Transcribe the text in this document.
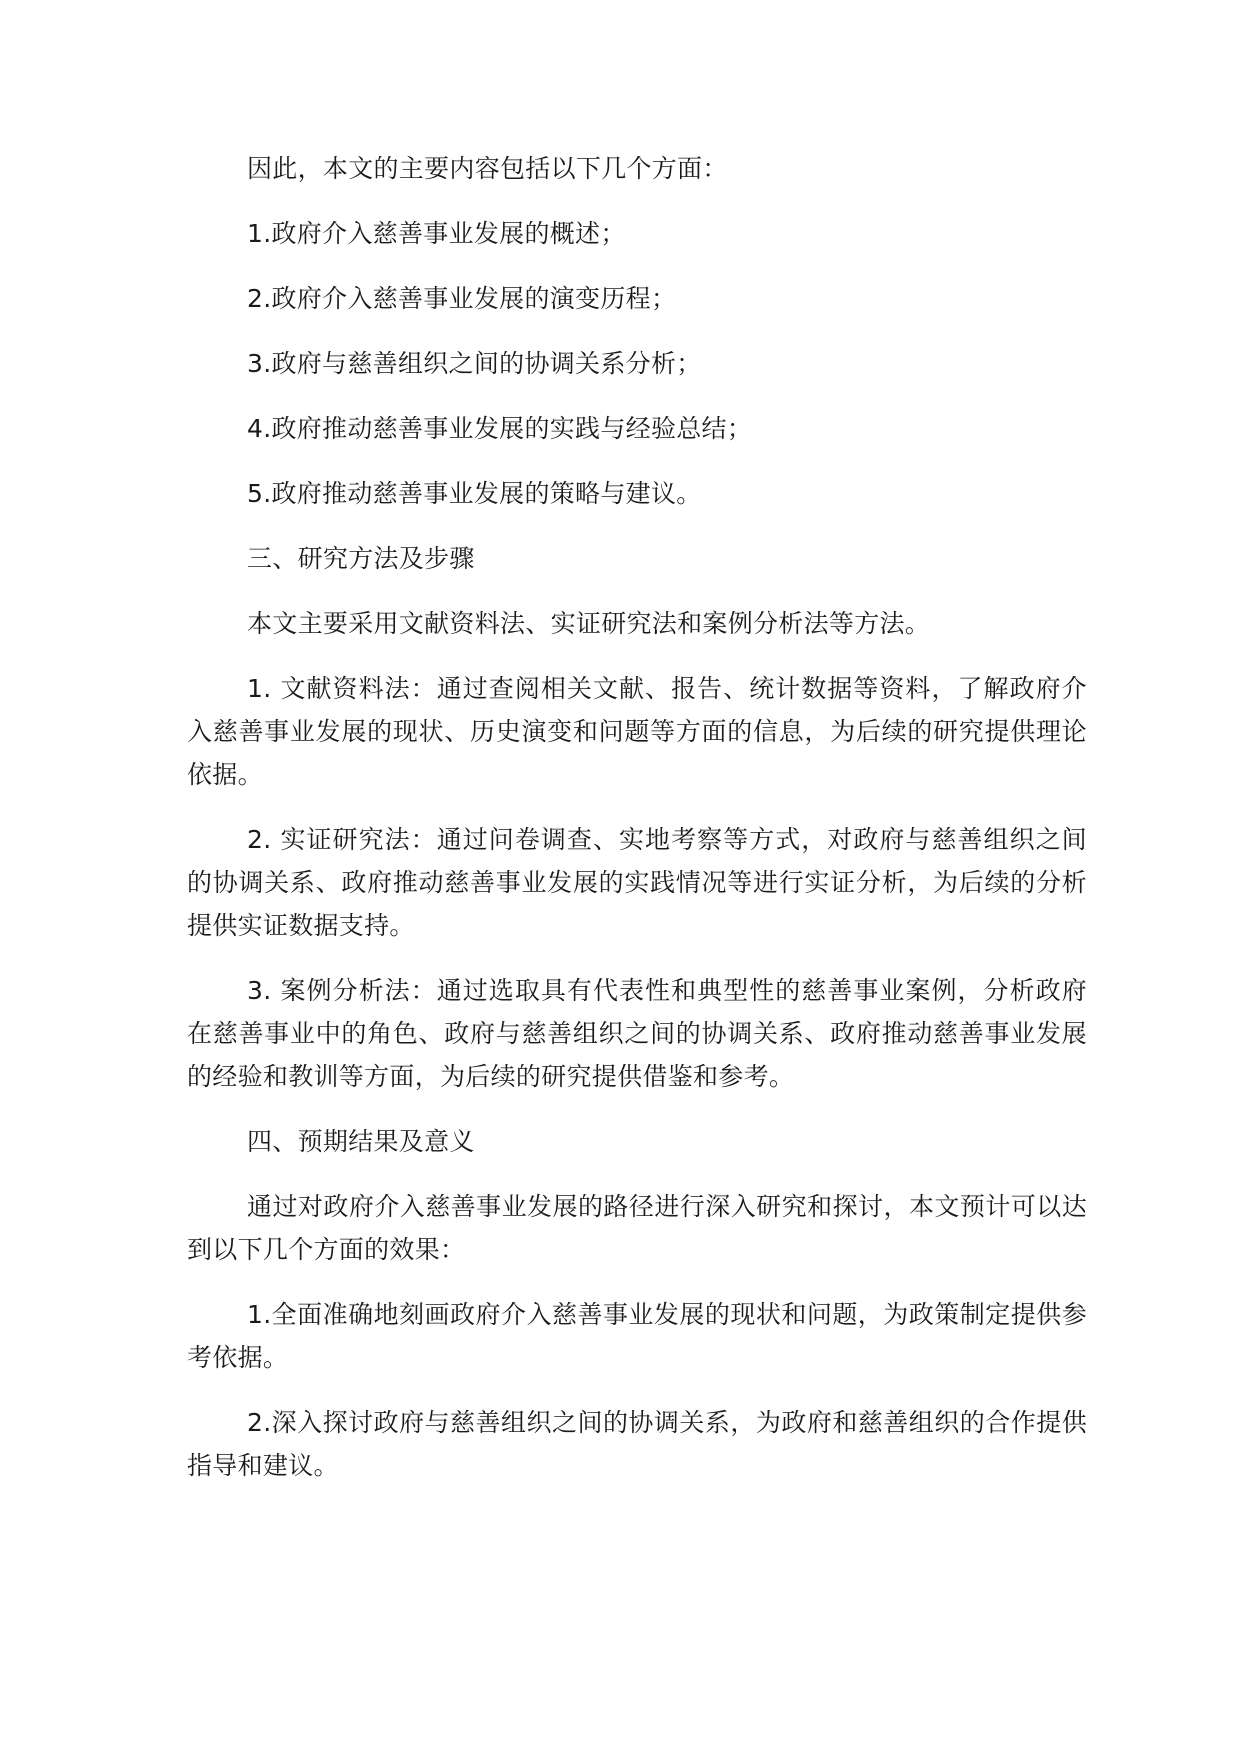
因此，本文的主要内容包括以下几个方面：

1.政府介入慈善事业发展的概述；

2.政府介入慈善事业发展的演变历程；

3.政府与慈善组织之间的协调关系分析；

4.政府推动慈善事业发展的实践与经验总结；

5.政府推动慈善事业发展的策略与建议。

三、研究方法及步骤

本文主要采用文献资料法、实证研究法和案例分析法等方法。

1. 文献资料法：通过查阅相关文献、报告、统计数据等资料，了解政府介入慈善事业发展的现状、历史演变和问题等方面的信息，为后续的研究提供理论依据。

2. 实证研究法：通过问卷调查、实地考察等方式，对政府与慈善组织之间的协调关系、政府推动慈善事业发展的实践情况等进行实证分析，为后续的分析提供实证数据支持。

3. 案例分析法：通过选取具有代表性和典型性的慈善事业案例，分析政府在慈善事业中的角色、政府与慈善组织之间的协调关系、政府推动慈善事业发展的经验和教训等方面，为后续的研究提供借鉴和参考。

四、预期结果及意义

通过对政府介入慈善事业发展的路径进行深入研究和探讨，本文预计可以达到以下几个方面的效果：

1.全面准确地刻画政府介入慈善事业发展的现状和问题，为政策制定提供参考依据。

2.深入探讨政府与慈善组织之间的协调关系，为政府和慈善组织的合作提供指导和建议。
